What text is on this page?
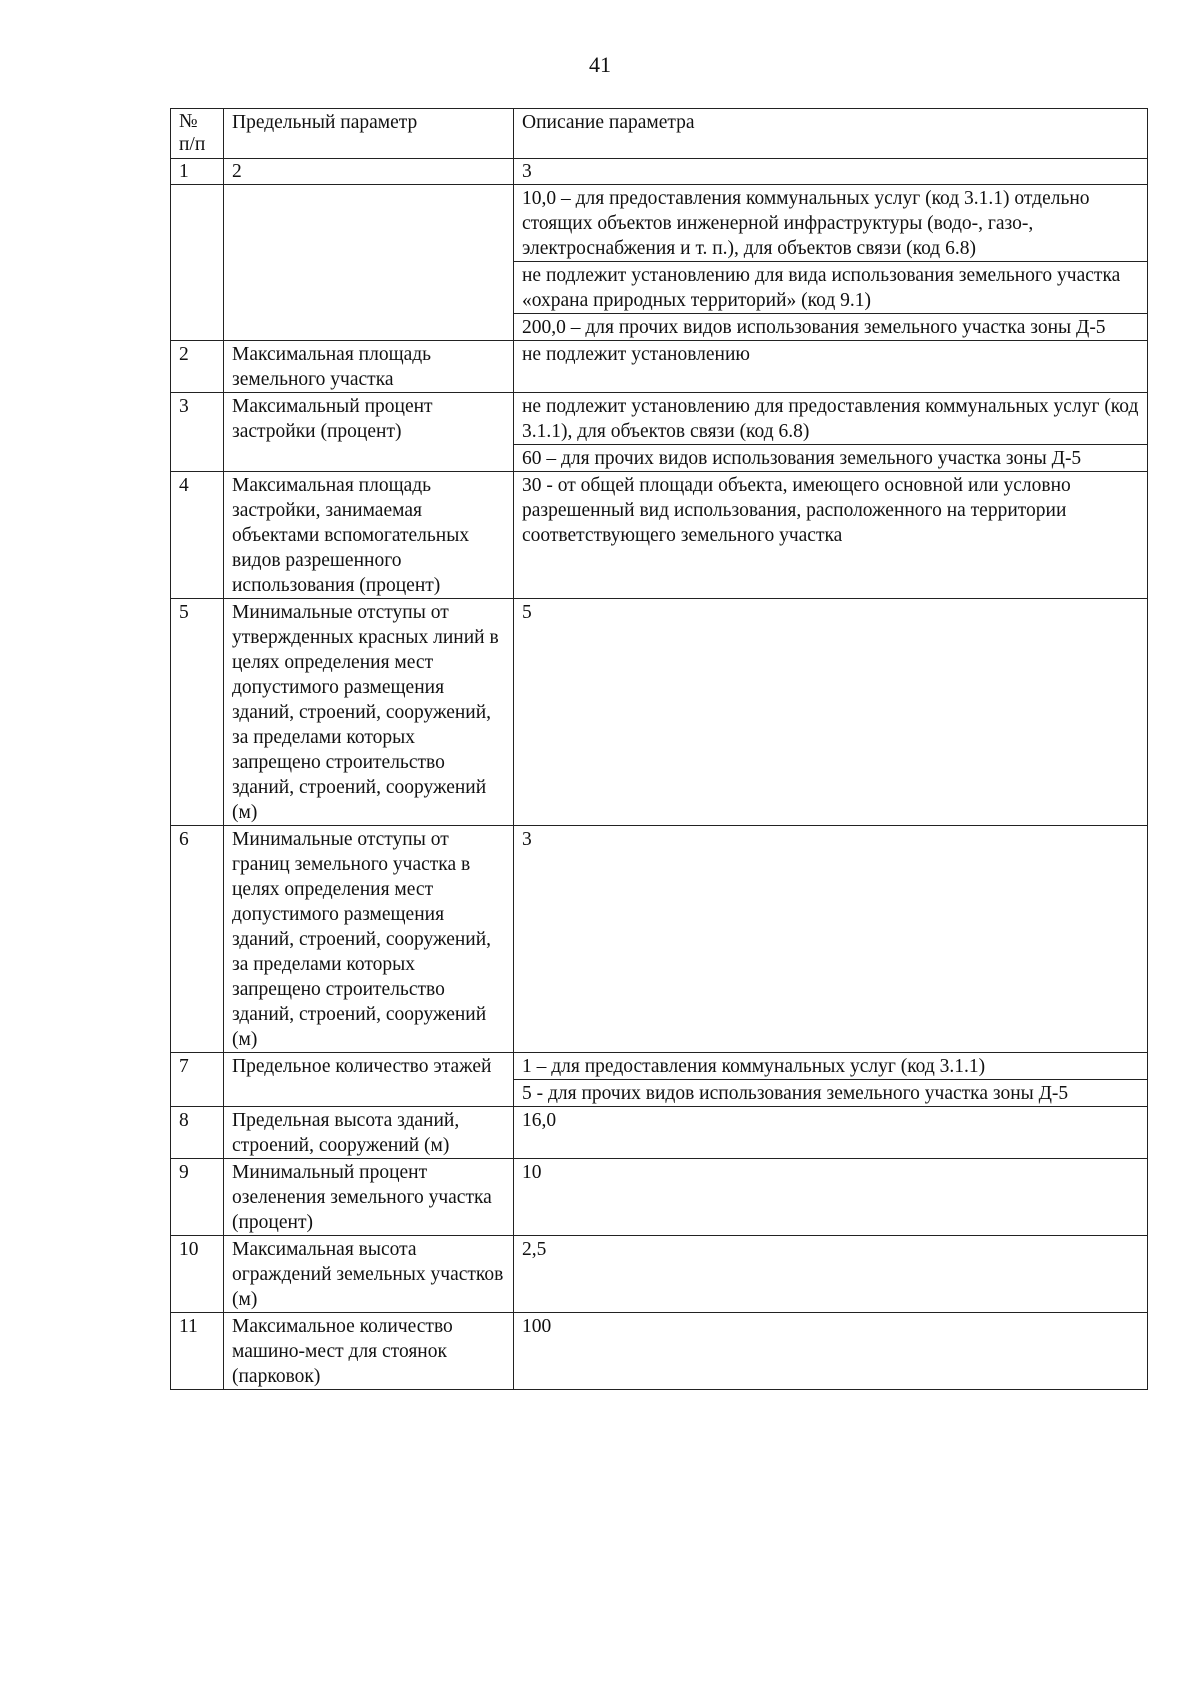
41
№
п/п	Предельный параметр	Описание параметра
1	2	3
		10,0 – для предоставления коммунальных услуг (код 3.1.1) отдельно стоящих объектов инженерной инфраструктуры (водо-, газо-, электроснабжения и т. п.), для объектов связи (код 6.8)
		не подлежит установлению для вида использования земельного участка «охрана природных территорий» (код 9.1)
		200,0 – для прочих видов использования земельного участка зоны Д-5
2	Максимальная площадь земельного участка	не подлежит установлению
3	Максимальный процент застройки (процент)	не подлежит установлению для предоставления коммунальных услуг (код 3.1.1), для объектов связи (код 6.8)
		60 – для прочих видов использования земельного участка зоны Д-5
4	Максимальная площадь застройки, занимаемая объектами вспомогательных видов разрешенного использования (процент)	30 - от общей площади объекта, имеющего основной или условно разрешенный вид использования, расположенного на территории соответствующего земельного участка
5	Минимальные отступы от утвержденных красных линий в целях определения мест допустимого размещения зданий, строений, сооружений, за пределами которых запрещено строительство зданий, строений, сооружений (м)	5
6	Минимальные отступы от границ земельного участка в целях определения мест допустимого размещения зданий, строений, сооружений, за пределами которых запрещено строительство зданий, строений, сооружений (м)	3
7	Предельное количество этажей	1 – для предоставления коммунальных услуг (код 3.1.1)
		5 - для прочих видов использования земельного участка зоны Д-5
8	Предельная высота зданий, строений, сооружений (м)	16,0
9	Минимальный процент озеленения земельного участка (процент)	10
10	Максимальная высота ограждений земельных участков (м)	2,5
11	Максимальное количество машино-мест для стоянок (парковок)	100
